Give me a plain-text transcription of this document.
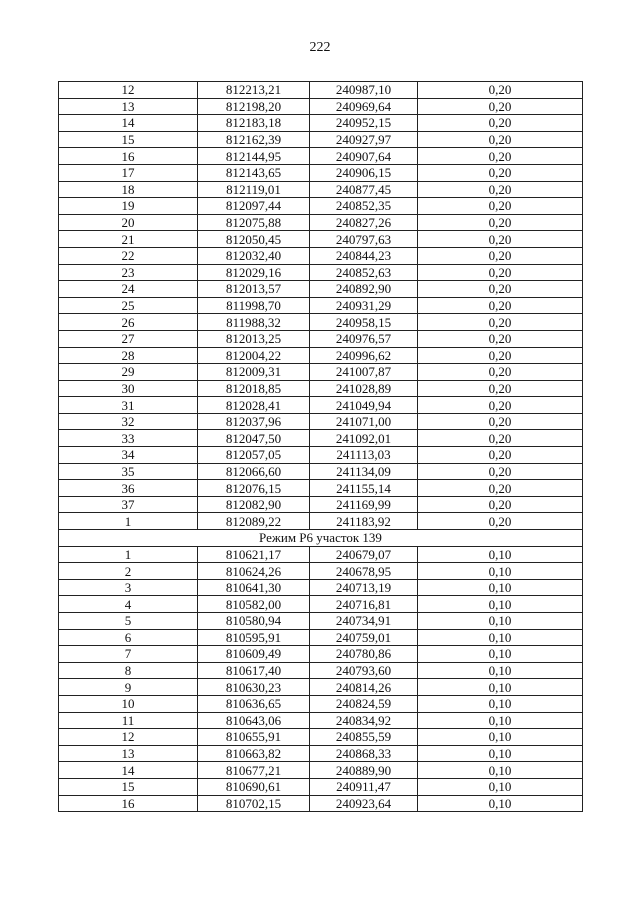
222
12	812213,21	240987,10	0,20
13	812198,20	240969,64	0,20
14	812183,18	240952,15	0,20
15	812162,39	240927,97	0,20
16	812144,95	240907,64	0,20
17	812143,65	240906,15	0,20
18	812119,01	240877,45	0,20
19	812097,44	240852,35	0,20
20	812075,88	240827,26	0,20
21	812050,45	240797,63	0,20
22	812032,40	240844,23	0,20
23	812029,16	240852,63	0,20
24	812013,57	240892,90	0,20
25	811998,70	240931,29	0,20
26	811988,32	240958,15	0,20
27	812013,25	240976,57	0,20
28	812004,22	240996,62	0,20
29	812009,31	241007,87	0,20
30	812018,85	241028,89	0,20
31	812028,41	241049,94	0,20
32	812037,96	241071,00	0,20
33	812047,50	241092,01	0,20
34	812057,05	241113,03	0,20
35	812066,60	241134,09	0,20
36	812076,15	241155,14	0,20
37	812082,90	241169,99	0,20
1	812089,22	241183,92	0,20
Режим Р6 участок 139			
1	810621,17	240679,07	0,10
2	810624,26	240678,95	0,10
3	810641,30	240713,19	0,10
4	810582,00	240716,81	0,10
5	810580,94	240734,91	0,10
6	810595,91	240759,01	0,10
7	810609,49	240780,86	0,10
8	810617,40	240793,60	0,10
9	810630,23	240814,26	0,10
10	810636,65	240824,59	0,10
11	810643,06	240834,92	0,10
12	810655,91	240855,59	0,10
13	810663,82	240868,33	0,10
14	810677,21	240889,90	0,10
15	810690,61	240911,47	0,10
16	810702,15	240923,64	0,10
